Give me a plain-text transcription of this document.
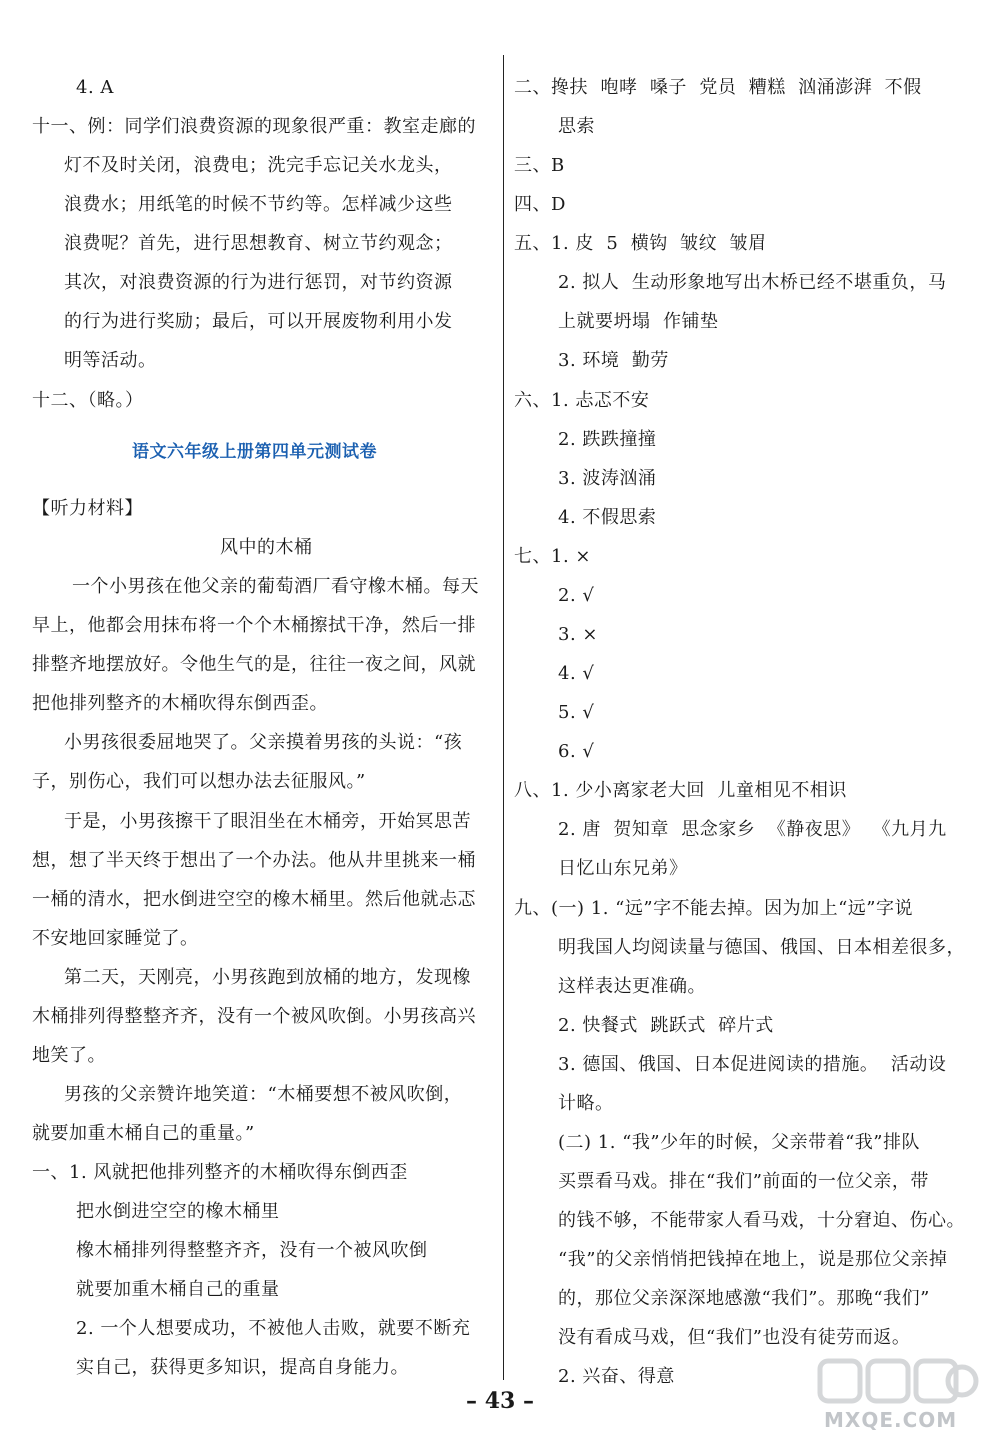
4. A
十一、例：同学们浪费资源的现象很严重：教室走廊的
灯不及时关闭，浪费电；洗完手忘记关水龙头，
浪费水；用纸笔的时候不节约等。怎样减少这些
浪费呢？首先，进行思想教育、树立节约观念；
其次，对浪费资源的行为进行惩罚，对节约资源
的行为进行奖励；最后，可以开展废物利用小发
明等活动。
十二、（略。）
语文六年级上册第四单元测试卷
【听力材料】
风中的木桶
一个小男孩在他父亲的葡萄酒厂看守橡木桶。每天
早上，他都会用抹布将一个个木桶擦拭干净，然后一排
排整齐地摆放好。令他生气的是，往往一夜之间，风就
把他排列整齐的木桶吹得东倒西歪。
小男孩很委屈地哭了。父亲摸着男孩的头说：“孩
子，别伤心，我们可以想办法去征服风。”
于是，小男孩擦干了眼泪坐在木桶旁，开始冥思苦
想，想了半天终于想出了一个办法。他从井里挑来一桶
一桶的清水，把水倒进空空的橡木桶里。然后他就忐忑
不安地回家睡觉了。
第二天，天刚亮，小男孩跑到放桶的地方，发现橡
木桶排列得整整齐齐，没有一个被风吹倒。小男孩高兴
地笑了。
男孩的父亲赞许地笑道：“木桶要想不被风吹倒，
就要加重木桶自己的重量。”
一、1. 风就把他排列整齐的木桶吹得东倒西歪
把水倒进空空的橡木桶里
橡木桶排列得整整齐齐，没有一个被风吹倒
就要加重木桶自己的重量
2. 一个人想要成功，不被他人击败，就要不断充
实自己，获得更多知识，提高自身能力。
二、搀扶  咆哮  嗓子  党员  糟糕  汹涌澎湃  不假
思索
三、B
四、D
五、1. 皮  5  横钩  皱纹  皱眉
2. 拟人  生动形象地写出木桥已经不堪重负，马
上就要坍塌  作铺垫
3. 环境  勤劳
六、1. 忐忑不安
2. 跌跌撞撞
3. 波涛汹涌
4. 不假思索
七、1. ×
2. √
3. ×
4. √
5. √
6. √
八、1. 少小离家老大回  儿童相见不相识
2. 唐  贺知章  思念家乡  《静夜思》  《九月九
日忆山东兄弟》
九、(一) 1. “远”字不能去掉。因为加上“远”字说
明我国人均阅读量与德国、俄国、日本相差很多，
这样表达更准确。
2. 快餐式  跳跃式  碎片式
3. 德国、俄国、日本促进阅读的措施。  活动设
计略。
(二) 1. “我”少年的时候，父亲带着“我”排队
买票看马戏。排在“我们”前面的一位父亲，带
的钱不够，不能带家人看马戏，十分窘迫、伤心。
“我”的父亲悄悄把钱掉在地上，说是那位父亲掉
的，那位父亲深深地感激“我们”。那晚“我们”
没有看成马戏，但“我们”也没有徒劳而返。
2. 兴奋、得意
– 43 –
MXQE.COM
